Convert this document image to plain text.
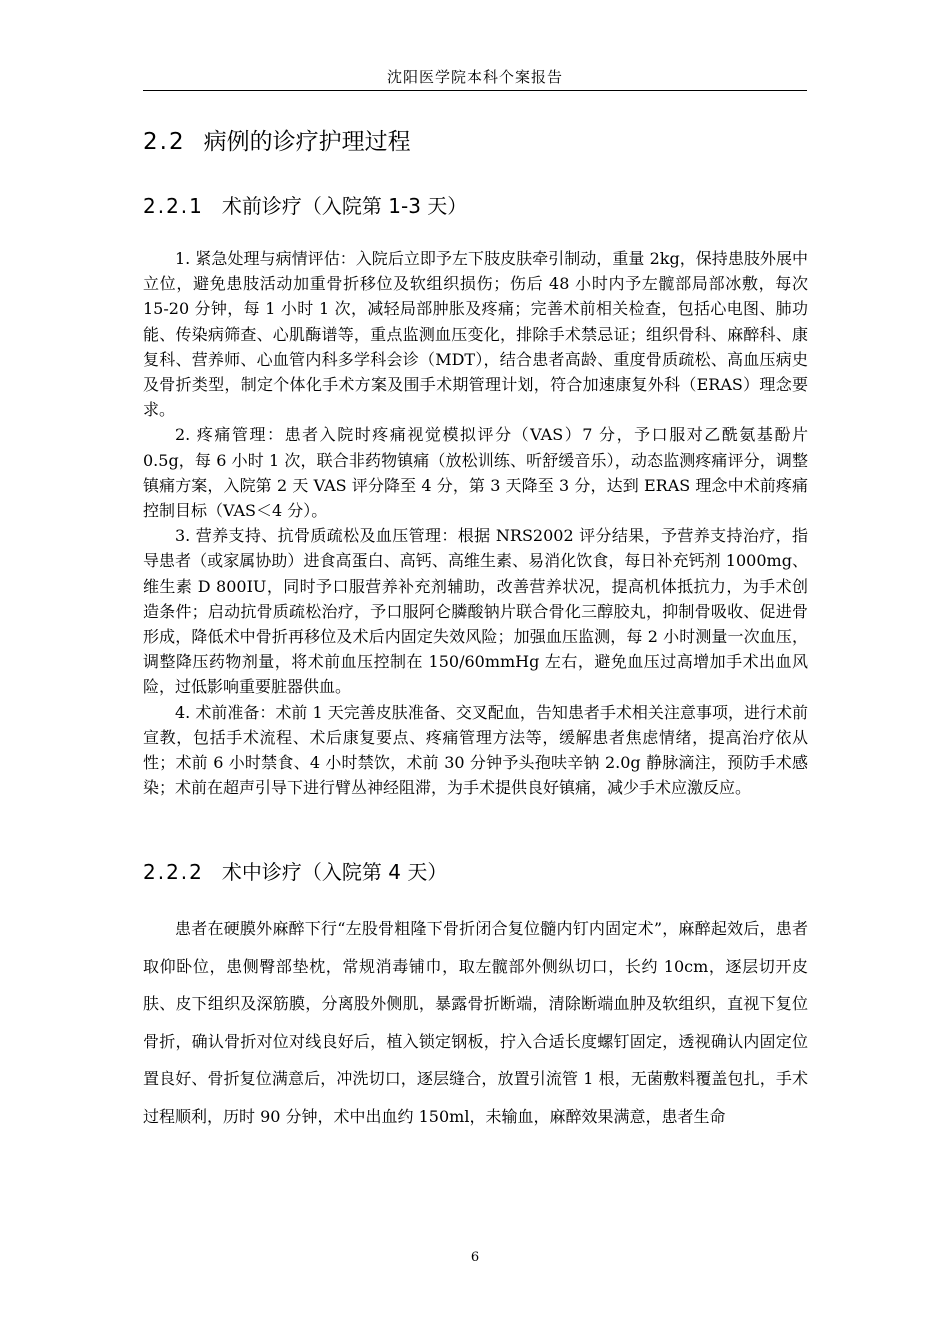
沈阳医学院本科个案报告
2.2 病例的诊疗护理过程
2.2.1 术前诊疗（入院第 1-3 天）

1. 紧急处理与病情评估：入院后立即予左下肢皮肤牵引制动，重量 2kg，保持患肢外展中立位，避免患肢活动加重骨折移位及软组织损伤；伤后 48 小时内予左髋部局部冰敷，每次 15-20 分钟，每 1 小时 1 次，减轻局部肿胀及疼痛；完善术前相关检查，包括心电图、肺功能、传染病筛查、心肌酶谱等，重点监测血压变化，排除手术禁忌证；组织骨科、麻醉科、康复科、营养师、心血管内科多学科会诊（MDT），结合患者高龄、重度骨质疏松、高血压病史及骨折类型，制定个体化手术方案及围手术期管理计划，符合加速康复外科（ERAS）理念要求。

2. 疼痛管理：患者入院时疼痛视觉模拟评分（VAS）7 分，予口服对乙酰氨基酚片 0.5g，每 6 小时 1 次，联合非药物镇痛（放松训练、听舒缓音乐），动态监测疼痛评分，调整镇痛方案，入院第 2 天 VAS 评分降至 4 分，第 3 天降至 3 分，达到 ERAS 理念中术前疼痛控制目标（VAS＜4 分）。

3. 营养支持、抗骨质疏松及血压管理：根据 NRS2002 评分结果，予营养支持治疗，指导患者（或家属协助）进食高蛋白、高钙、高维生素、易消化饮食，每日补充钙剂 1000mg、维生素 D 800IU，同时予口服营养补充剂辅助，改善营养状况，提高机体抵抗力，为手术创造条件；启动抗骨质疏松治疗，予口服阿仑膦酸钠片联合骨化三醇胶丸，抑制骨吸收、促进骨形成，降低术中骨折再移位及术后内固定失效风险；加强血压监测，每 2 小时测量一次血压，调整降压药物剂量，将术前血压控制在 150/60mmHg 左右，避免血压过高增加手术出血风险，过低影响重要脏器供血。

4. 术前准备：术前 1 天完善皮肤准备、交叉配血，告知患者手术相关注意事项，进行术前宣教，包括手术流程、术后康复要点、疼痛管理方法等，缓解患者焦虑情绪，提高治疗依从性；术前 6 小时禁食、4 小时禁饮，术前 30 分钟予头孢呋辛钠 2.0g 静脉滴注，预防手术感染；术前在超声引导下进行臂丛神经阻滞，为手术提供良好镇痛，减少手术应激反应。

2.2.2 术中诊疗（入院第 4 天）

患者在硬膜外麻醉下行“左股骨粗隆下骨折闭合复位髓内钉内固定术”，麻醉起效后，患者取仰卧位，患侧臀部垫枕，常规消毒铺巾，取左髋部外侧纵切口，长约 10cm，逐层切开皮肤、皮下组织及深筋膜，分离股外侧肌，暴露骨折断端，清除断端血肿及软组织，直视下复位骨折，确认骨折对位对线良好后，植入锁定钢板，拧入合适长度螺钉固定，透视确认内固定位置良好、骨折复位满意后，冲洗切口，逐层缝合，放置引流管 1 根，无菌敷料覆盖包扎，手术过程顺利，历时 90 分钟，术中出血约 150ml，未输血，麻醉效果满意，患者生命

6
